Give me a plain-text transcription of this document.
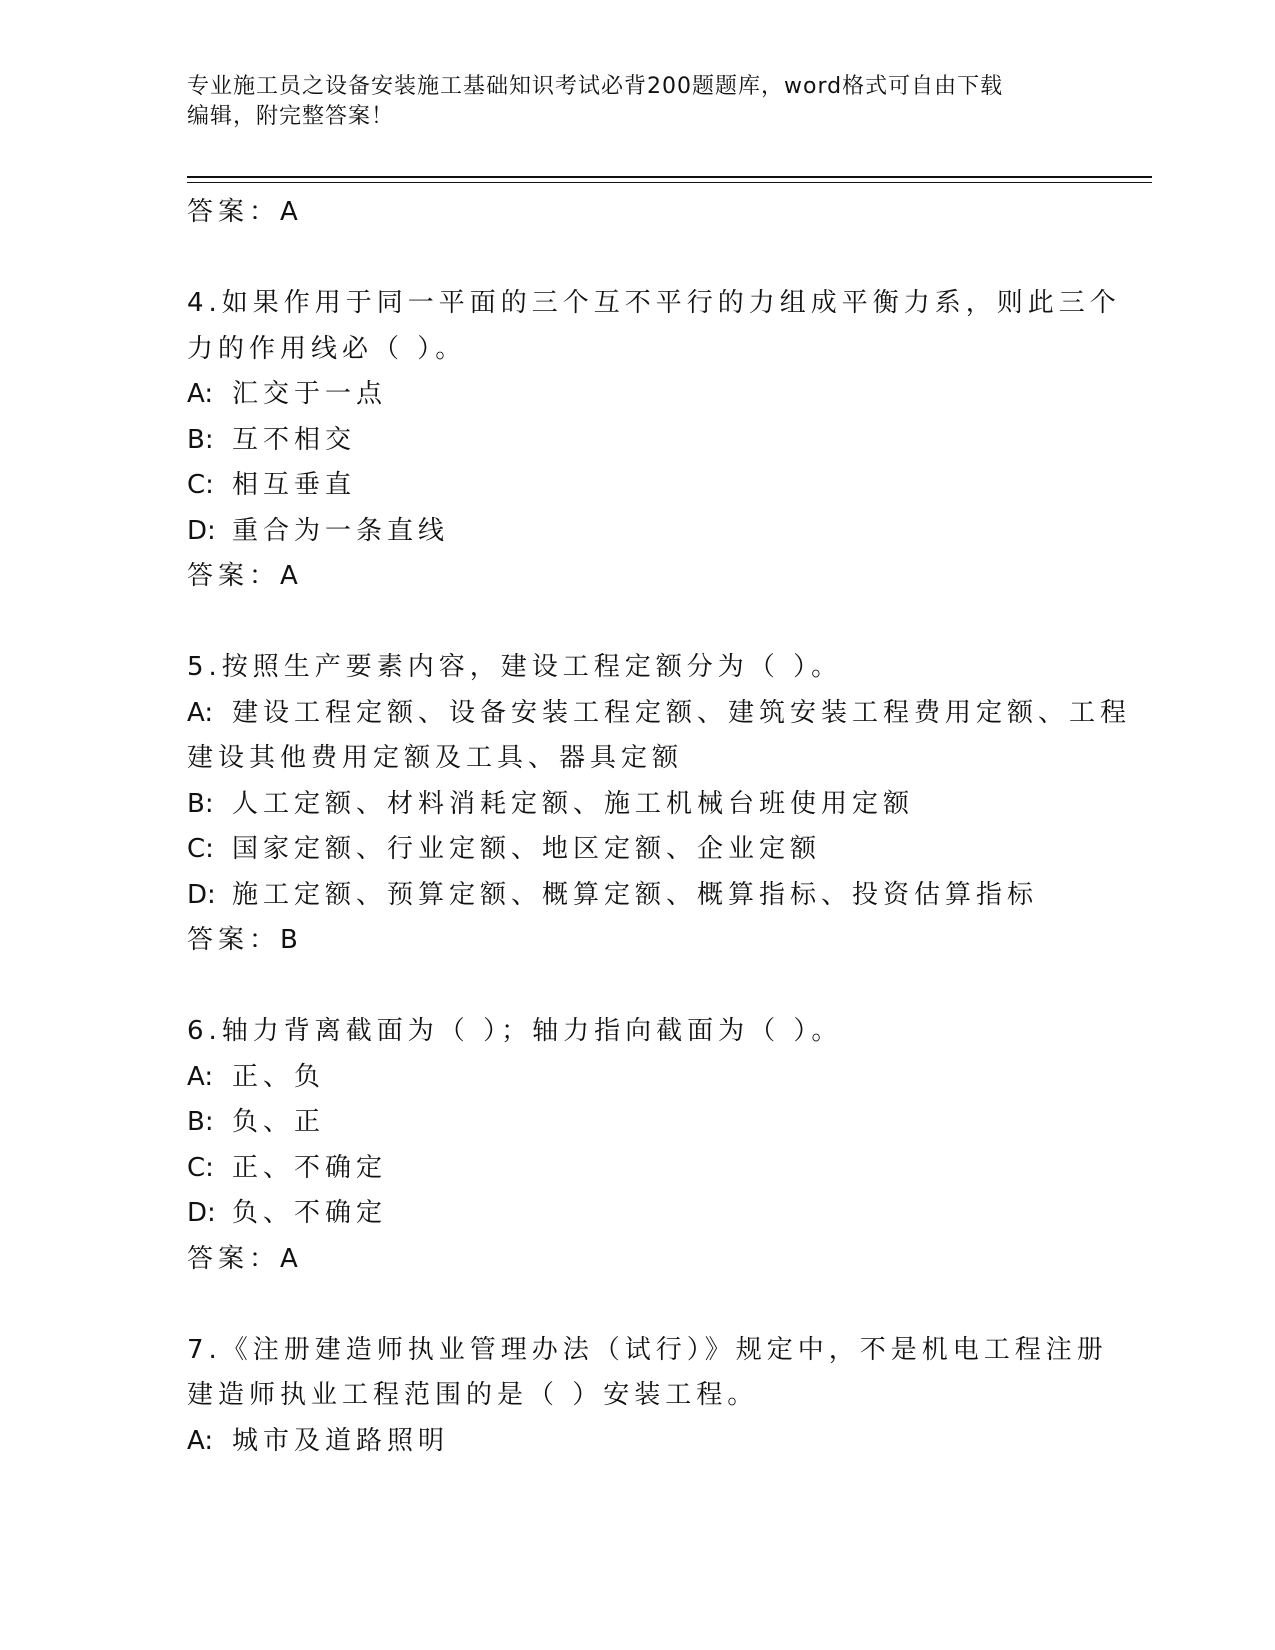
专业施工员之设备安装施工基础知识考试必背200题题库，word格式可自由下载
编辑，附完整答案！
答案：A
4.如果作用于同一平面的三个互不平行的力组成平衡力系，则此三个
力的作用线必（ ）。
A: 汇交于一点
B: 互不相交
C: 相互垂直
D: 重合为一条直线
答案：A
5.按照生产要素内容，建设工程定额分为（ ）。
A: 建设工程定额、设备安装工程定额、建筑安装工程费用定额、工程
建设其他费用定额及工具、器具定额
B: 人工定额、材料消耗定额、施工机械台班使用定额
C: 国家定额、行业定额、地区定额、企业定额
D: 施工定额、预算定额、概算定额、概算指标、投资估算指标
答案：B
6.轴力背离截面为（ ）；轴力指向截面为（ ）。
A: 正、负
B: 负、正
C: 正、不确定
D: 负、不确定
答案：A
7.《注册建造师执业管理办法（试行）》规定中，不是机电工程注册
建造师执业工程范围的是（ ）安装工程。
A: 城市及道路照明
